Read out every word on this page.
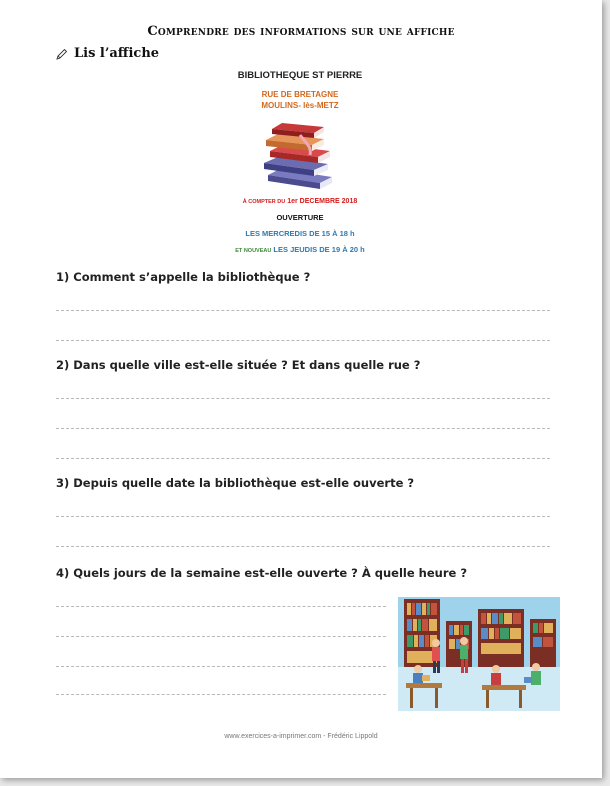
Comprendre des informations sur une affiche
Lis l’affiche
BIBLIOTHEQUE ST PIERRE
RUE DE BRETAGNE
MOULINS- lès-METZ
À COMPTER DU 1er DECEMBRE 2018
OUVERTURE
LES MERCREDIS DE 15 À 18 h
ET NOUVEAU LES JEUDIS DE 19 À 20 h
1) Comment s’appelle la bibliothèque ?
2) Dans quelle ville est-elle située ? Et dans quelle rue ?
3) Depuis quelle date la bibliothèque est-elle ouverte ?
4) Quels jours de la semaine est-elle ouverte ? À quelle heure ?
www.exercices-a-imprimer.com - Frédéric Lippold
